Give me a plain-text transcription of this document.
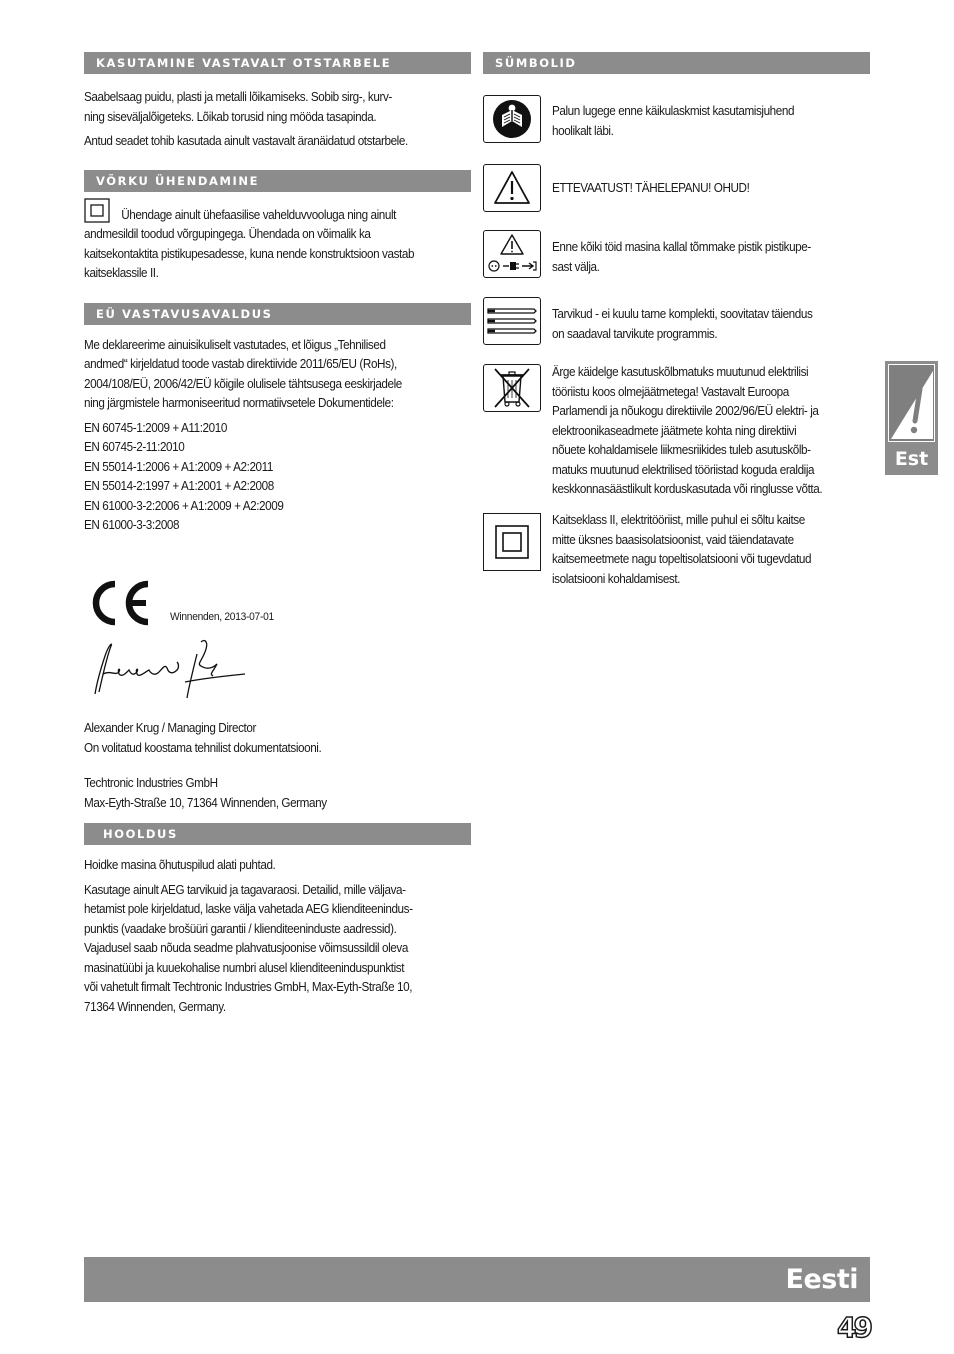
KASUTAMINE VASTAVALT OTSTARBELE

Saabelsaag puidu, plasti ja metalli lõikamiseks. Sobib sirg-, kurv-

ning siseväljalõigeteks. Lõikab torusid ning mööda tasapinda.

Antud seadet tohib kasutada ainult vastavalt äranäidatud otstarbele.

VÕRKU ÜHENDAMINE

Ühendage ainult ühefaasilise vahelduvvooluga ning ainult

andmesildil toodud võrgupingega. Ühendada on võimalik ka

kaitsekontaktita pistikupesadesse, kuna nende konstruktsioon vastab

kaitseklassile II.

EÜ VASTAVUSAVALDUS

Me deklareerime ainuisikuliselt vastutades, et lõigus „Tehnilised

andmed“ kirjeldatud toode vastab direktiivide 2011/65/EU (RoHs),

2004/108/EÜ, 2006/42/EÜ kõigile olulisele tähtsusega eeskirjadele

ning järgmistele harmoniseeritud normatiivsetele Dokumentidele:

EN 60745-1:2009 + A11:2010

EN 60745-2-11:2010

EN 55014-1:2006 + A1:2009 + A2:2011

EN 55014-2:1997 + A1:2001 + A2:2008

EN 61000-3-2:2006 + A1:2009 + A2:2009

EN 61000-3-3:2008

Winnenden, 2013-07-01

Alexander Krug / Managing Director

On volitatud koostama tehnilist dokumentatsiooni.

Techtronic Industries GmbH

Max-Eyth-Straße 10, 71364 Winnenden, Germany

HOOLDUS

Hoidke masina õhutuspilud alati puhtad.

Kasutage ainult AEG tarvikuid ja tagavaraosi. Detailid, mille väljava-

hetamist pole kirjeldatud, laske välja vahetada AEG klienditeenindus-

punktis (vaadake brošüüri garantii / klienditeeninduste aadressid).

Vajadusel saab nõuda seadme plahvatusjoonise võimsussildil oleva

masinatüübi ja kuuekohalise numbri alusel klienditeeninduspunktist

või vahetult firmalt Techtronic Industries GmbH, Max-Eyth-Straße 10,

71364 Winnenden, Germany.

SÜMBOLID

Palun lugege enne käikulaskmist kasutamisjuhend

hoolikalt läbi.

ETTEVAATUST! TÄHELEPANU! OHUD!

Enne kõiki töid masina kallal tõmmake pistik pistikupe-

sast välja.

Tarvikud - ei kuulu tarne komplekti, soovitatav täiendus

on saadaval tarvikute programmis.

Ärge käidelge kasutuskõlbmatuks muutunud elektrilisi

tööriistu koos olmejäätmetega! Vastavalt Euroopa

Parlamendi ja nõukogu direktiivile 2002/96/EÜ elektri- ja

elektroonikaseadmete jäätmete kohta ning direktiivi

nõuete kohaldamisele liikmesriikides tuleb asutuskõlb-

matuks muutunud elektrilised tööriistad koguda eraldija

keskkonnasäästlikult korduskasutada või ringlusse võtta.

Kaitseklass II, elektritööriist, mille puhul ei sõltu kaitse

mitte üksnes baasisolatsioonist, vaid täiendatavate

kaitsemeetmete nagu topeltisolatsiooni või tugevdatud

isolatsiooni kohaldamisest.

Est
Eesti
49
